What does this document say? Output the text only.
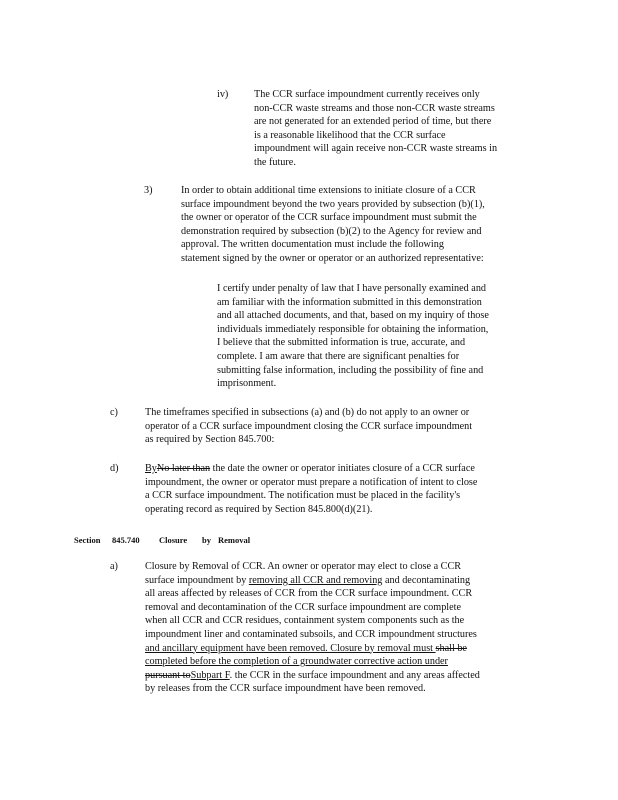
iv)	The CCR surface impoundment currently receives only
non-CCR waste streams and those non-CCR waste streams
are not generated for an extended period of time, but there
is a reasonable likelihood that the CCR surface
impoundment will again receive non-CCR waste streams in
the future.
3)	In order to obtain additional time extensions to initiate closure of a CCR
surface impoundment beyond the two years provided by subsection (b)(1),
the owner or operator of the CCR surface impoundment must submit the
demonstration required by subsection (b)(2) to the Agency for review and
approval. The written documentation must include the following
statement signed by the owner or operator or an authorized representative:
I certify under penalty of law that I have personally examined and
am familiar with the information submitted in this demonstration
and all attached documents, and that, based on my inquiry of those
individuals immediately responsible for obtaining the information,
I believe that the submitted information is true, accurate, and
complete. I am aware that there are significant penalties for
submitting false information, including the possibility of fine and
imprisonment.
c)	The timeframes specified in subsections (a) and (b) do not apply to an owner or
operator of a CCR surface impoundment closing the CCR surface impoundment
as required by Section 845.700:
d)	ByNo later than the date the owner or operator initiates closure of a CCR surface
impoundment, the owner or operator must prepare a notification of intent to close
a CCR surface impoundment. The notification must be placed in the facility's
operating record as required by Section 845.800(d)(21).
Section 845.740 Closure by Removal
a)	Closure by Removal of CCR. An owner or operator may elect to close a CCR
surface impoundment by removing all CCR and removing and decontaminating
all areas affected by releases of CCR from the CCR surface impoundment. CCR
removal and decontamination of the CCR surface impoundment are complete
when all CCR and CCR residues, containment system components such as the
impoundment liner and contaminated subsoils, and CCR impoundment structures
and ancillary equipment have been removed. Closure by removal must shall be
completed before the completion of a groundwater corrective action under
pursuant toSubpart F. the CCR in the surface impoundment and any areas affected
by releases from the CCR surface impoundment have been removed.
